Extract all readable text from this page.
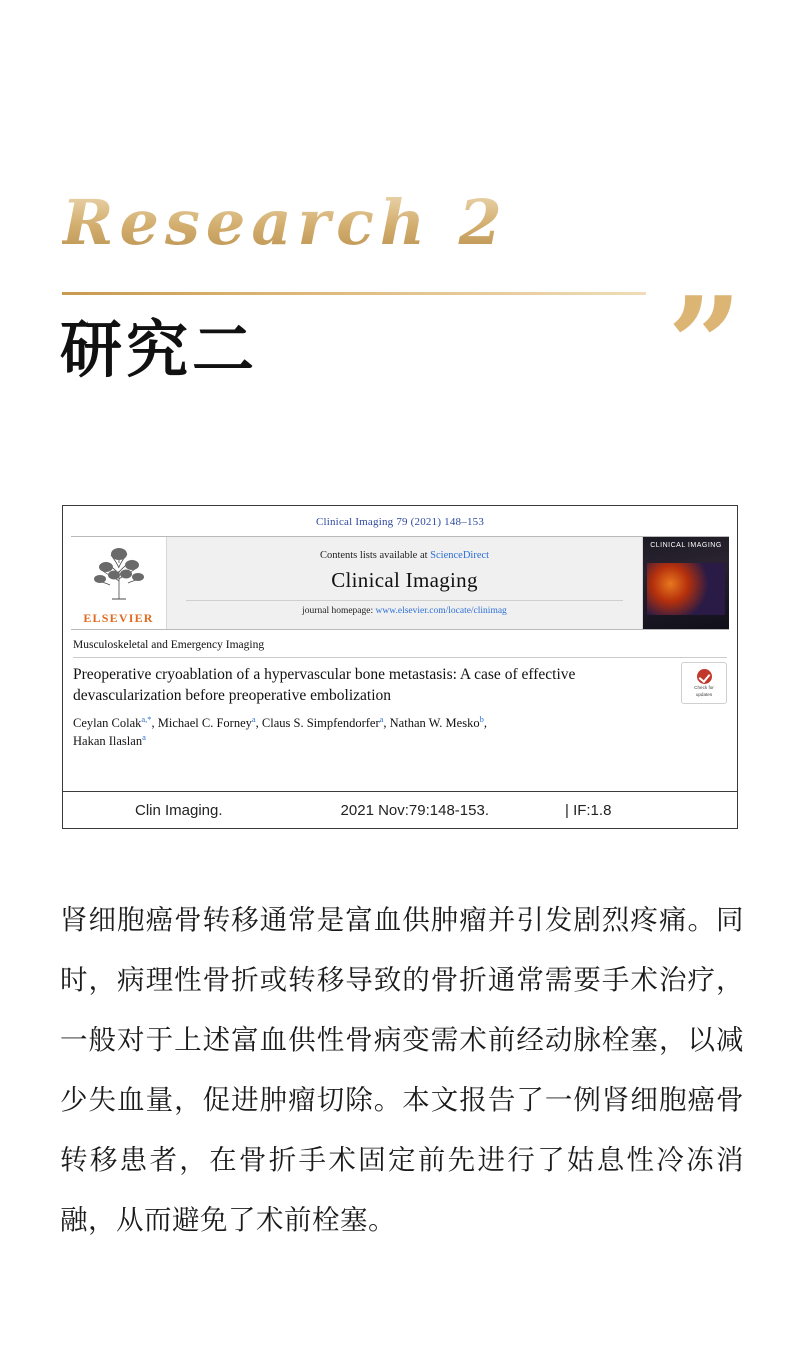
Research 2
研究二	”
Clinical Imaging 79 (2021) 148–153
ELSEVIER
Contents lists available at ScienceDirect
Clinical Imaging
journal homepage: www.elsevier.com/locate/clinimag
CLINICAL IMAGING
Musculoskeletal and Emergency Imaging
Preoperative cryoablation of a hypervascular bone metastasis: A case of effective devascularization before preoperative embolization	Check for
updates
Ceylan Colak$^{a,*}$, Michael C. Forney$^a$, Claus S. Simpfendorfer$^a$, Nathan W. Mesko$^b$,
Hakan Ilaslan$^a$
Clin Imaging.	2021 Nov:79:148-153.	| IF:1.8
肾细胞癌骨转移通常是富血供肿瘤并引发剧烈疼痛。同时，病理性骨折或转移导致的骨折通常需要手术治疗，一般对于上述富血供性骨病变需术前经动脉栓塞，以减少失血量，促进肿瘤切除。本文报告了一例肾细胞癌骨转移患者，在骨折手术固定前先进行了姑息性冷冻消融，从而避免了术前栓塞。
